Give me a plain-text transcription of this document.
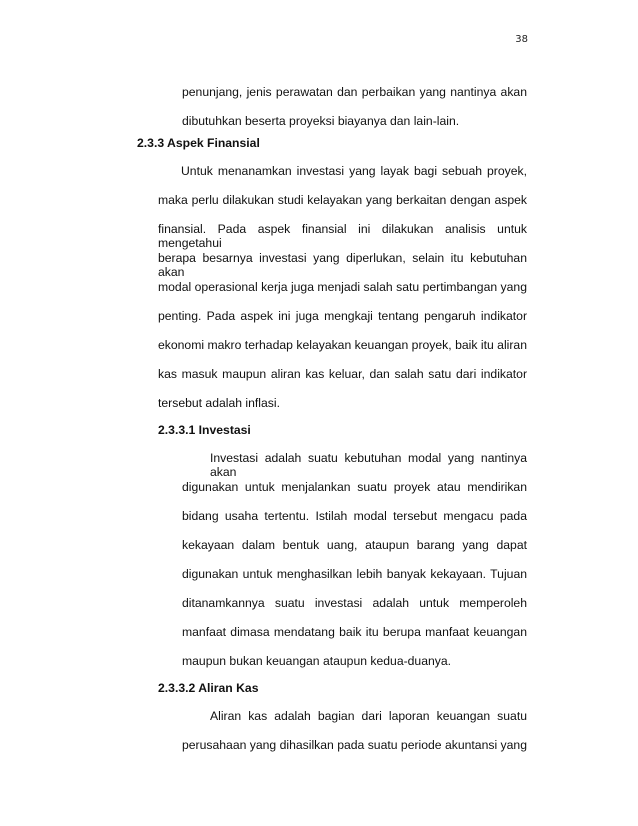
38
penunjang, jenis perawatan dan perbaikan yang nantinya akan
dibutuhkan beserta proyeksi biayanya dan lain-lain.
2.3.3 Aspek Finansial
Untuk menanamkan investasi yang layak bagi sebuah proyek,
maka perlu dilakukan studi kelayakan yang berkaitan dengan aspek
finansial. Pada aspek finansial ini dilakukan analisis untuk mengetahui
berapa besarnya investasi yang diperlukan, selain itu kebutuhan akan
modal operasional kerja juga menjadi salah satu pertimbangan yang
penting. Pada aspek ini juga mengkaji tentang pengaruh indikator
ekonomi makro terhadap kelayakan keuangan proyek, baik itu aliran
kas masuk maupun aliran kas keluar, dan salah satu dari indikator
tersebut adalah inflasi.
2.3.3.1 Investasi
Investasi adalah suatu kebutuhan modal yang nantinya akan
digunakan untuk menjalankan suatu proyek atau mendirikan
bidang usaha tertentu. Istilah modal tersebut mengacu pada
kekayaan dalam bentuk uang, ataupun barang yang dapat
digunakan untuk menghasilkan lebih banyak kekayaan. Tujuan
ditanamkannya suatu investasi adalah untuk memperoleh
manfaat dimasa mendatang baik itu berupa manfaat keuangan
maupun bukan keuangan ataupun kedua-duanya.
2.3.3.2 Aliran Kas
Aliran kas adalah bagian dari laporan keuangan suatu
perusahaan yang dihasilkan pada suatu periode akuntansi yang
